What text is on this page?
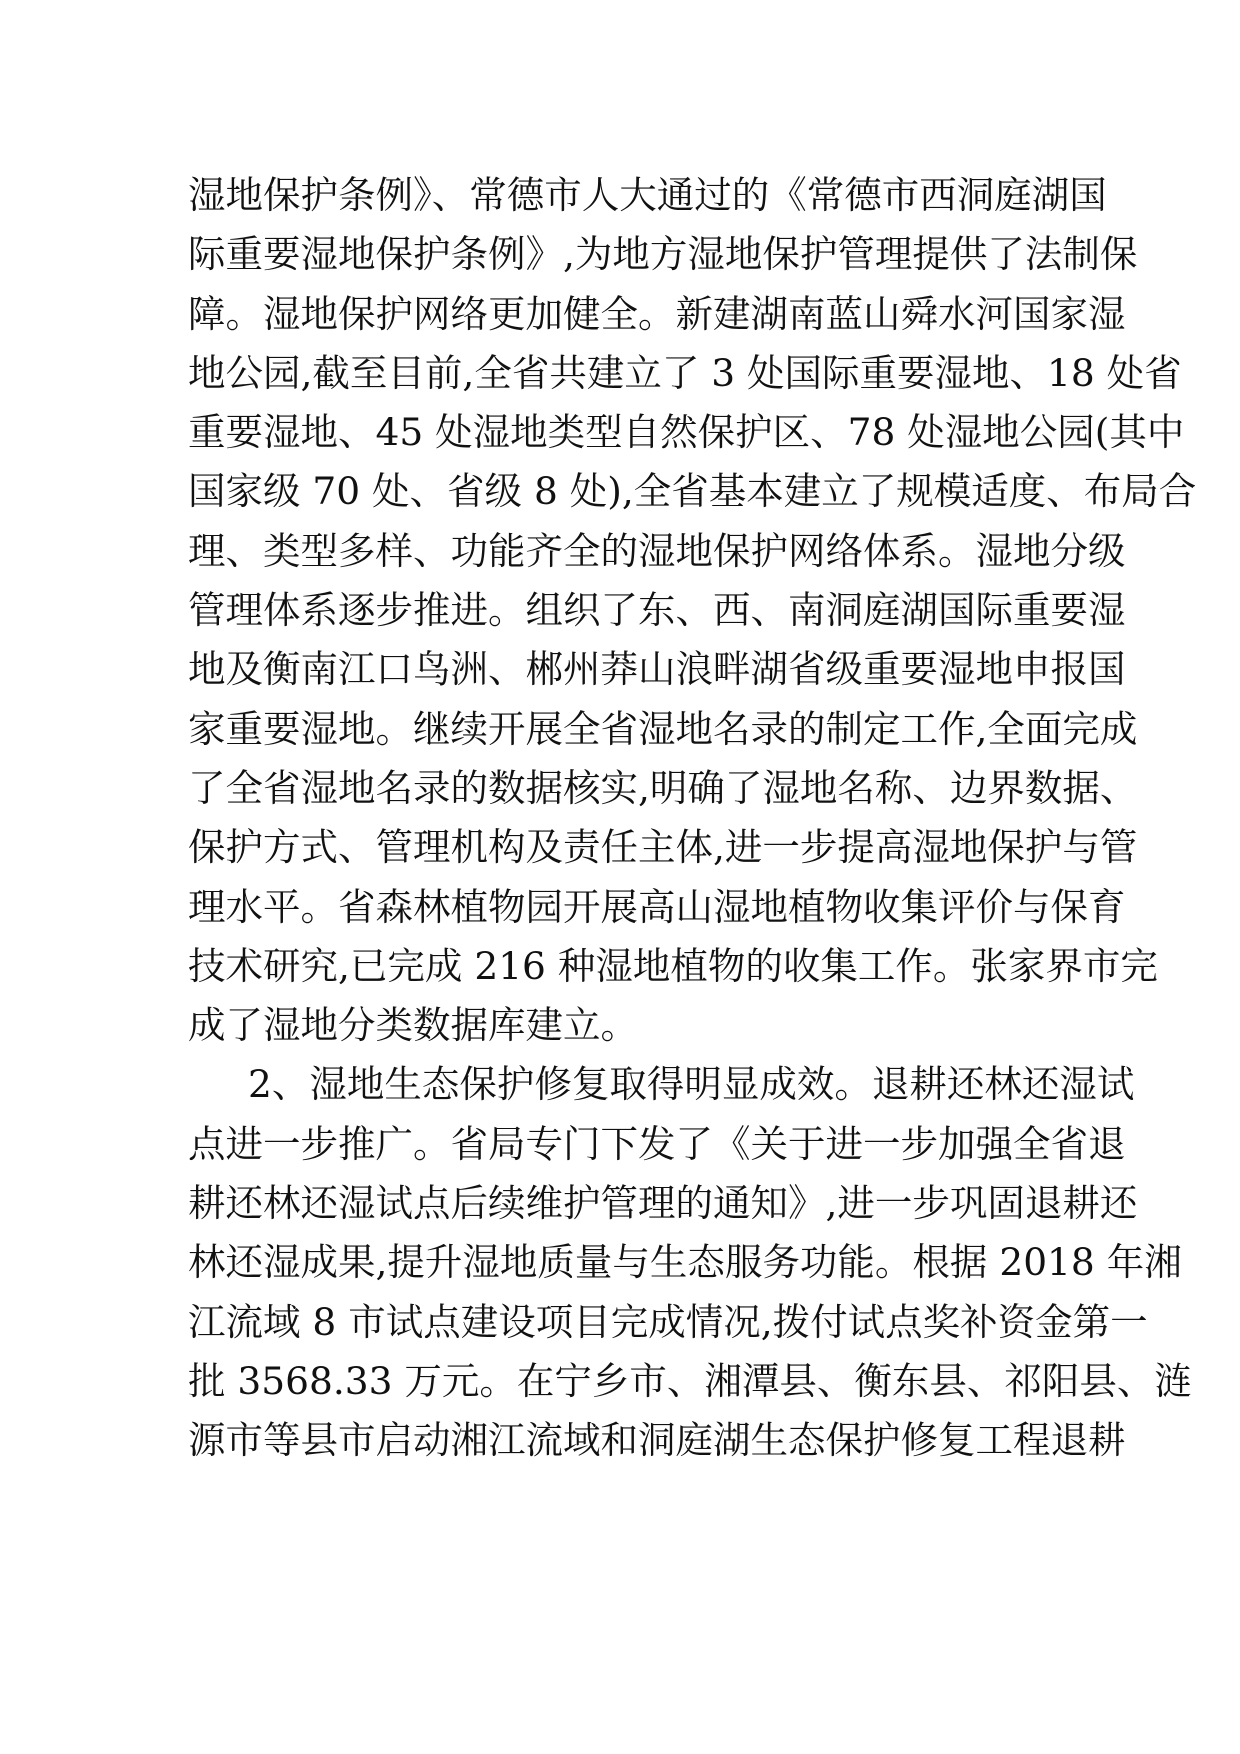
湿地保护条例》、常德市人大通过的《常德市西洞庭湖国
际重要湿地保护条例》,为地方湿地保护管理提供了法制保
障。湿地保护网络更加健全。新建湖南蓝山舜水河国家湿
地公园,截至目前,全省共建立了 3 处国际重要湿地、18 处省
重要湿地、45 处湿地类型自然保护区、78 处湿地公园(其中
国家级 70 处、省级 8 处),全省基本建立了规模适度、布局合
理、类型多样、功能齐全的湿地保护网络体系。湿地分级
管理体系逐步推进。组织了东、西、南洞庭湖国际重要湿
地及衡南江口鸟洲、郴州莽山浪畔湖省级重要湿地申报国
家重要湿地。继续开展全省湿地名录的制定工作,全面完成
了全省湿地名录的数据核实,明确了湿地名称、边界数据、
保护方式、管理机构及责任主体,进一步提高湿地保护与管
理水平。省森林植物园开展高山湿地植物收集评价与保育
技术研究,已完成 216 种湿地植物的收集工作。张家界市完
成了湿地分类数据库建立。
2、湿地生态保护修复取得明显成效。退耕还林还湿试
点进一步推广。省局专门下发了《关于进一步加强全省退
耕还林还湿试点后续维护管理的通知》,进一步巩固退耕还
林还湿成果,提升湿地质量与生态服务功能。根据 2018 年湘
江流域 8 市试点建设项目完成情况,拨付试点奖补资金第一
批 3568.33 万元。在宁乡市、湘潭县、衡东县、祁阳县、涟
源市等县市启动湘江流域和洞庭湖生态保护修复工程退耕
